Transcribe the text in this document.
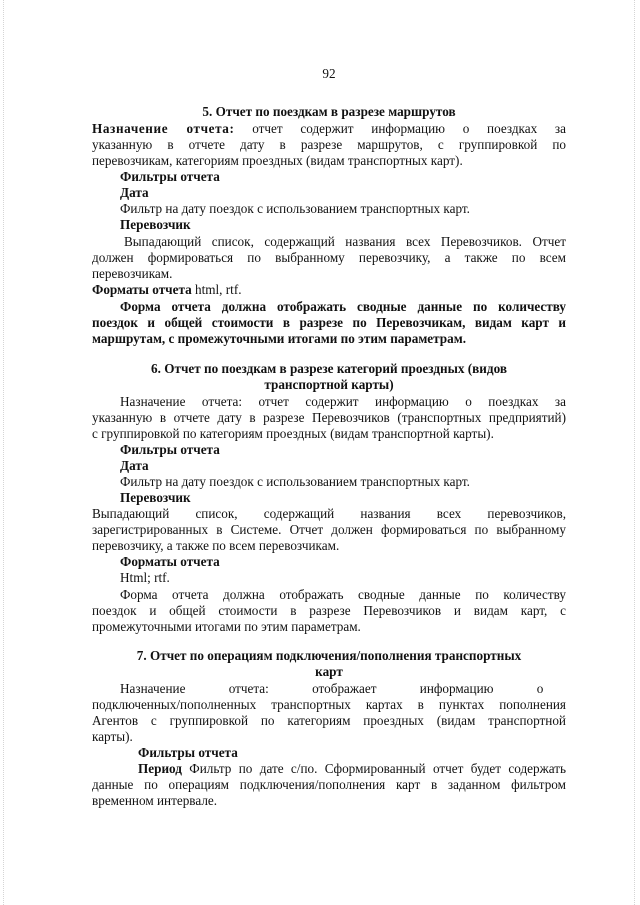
92
5. Отчет по поездкам в разрезе маршрутов
Назначение отчета: отчет содержит информацию о поездках за
указанную в отчете дату в разрезе маршрутов, с группировкой по
перевозчикам, категориям проездных (видам транспортных карт).
Фильтры отчета
Дата
Фильтр на дату поездок с использованием транспортных карт.
Перевозчик
Выпадающий список, содержащий названия всех Перевозчиков. Отчет
должен формироваться по выбранному перевозчику, а также по всем
перевозчикам.
Форматы отчета html, rtf.
Форма отчета должна отображать сводные данные по количеству
поездок и общей стоимости в разрезе по Перевозчикам, видам карт и
маршрутам, с промежуточными итогами по этим параметрам.
6. Отчет по поездкам в разрезе категорий проездных (видов
транспортной карты)
Назначение отчета: отчет содержит информацию о поездках за
указанную в отчете дату в разрезе Перевозчиков (транспортных предприятий)
с группировкой по категориям проездных (видам транспортной карты).
Фильтры отчета
Дата
Фильтр на дату поездок с использованием транспортных карт.
Перевозчик
Выпадающий список, содержащий названия всех перевозчиков,
зарегистрированных в Системе. Отчет должен формироваться по выбранному
перевозчику, а также по всем перевозчикам.
Форматы отчета
Html; rtf.
Форма отчета должна отображать сводные данные по количеству
поездок и общей стоимости в разрезе Перевозчиков и видам карт, с
промежуточными итогами по этим параметрам.
7. Отчет по операциям подключения/пополнения транспортных
карт
Назначение отчета: отображает информацию о
подключенных/пополненных транспортных картах в пунктах пополнения
Агентов с группировкой по категориям проездных (видам транспортной
карты).
Фильтры отчета
Период Фильтр по дате с/по. Сформированный отчет будет содержать
данные по операциям подключения/пополнения карт в заданном фильтром
временном интервале.
